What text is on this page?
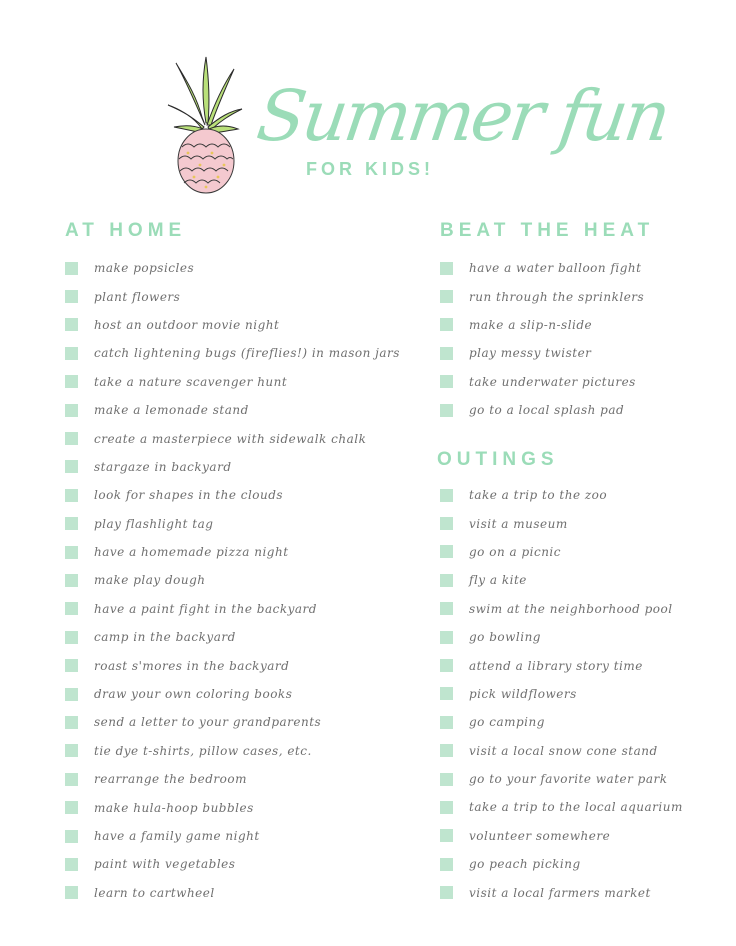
Summer fun
FOR KIDS!
AT HOME
make popsicles
plant flowers
host an outdoor movie night
catch lightening bugs (fireflies!) in mason jars
take a nature scavenger hunt
make a lemonade stand
create a masterpiece with sidewalk chalk
stargaze in backyard
look for shapes in the clouds
play flashlight tag
have a homemade pizza night
make play dough
have a paint fight in the backyard
camp in the backyard
roast s'mores in the backyard
draw your own coloring books
send a letter to your grandparents
tie dye t-shirts, pillow cases, etc.
rearrange the bedroom
make hula-hoop bubbles
have a family game night
paint with vegetables
learn to cartwheel
BEAT THE HEAT
have a water balloon fight
run through the sprinklers
make a slip-n-slide
play messy twister
take underwater pictures
go to a local splash pad
OUTINGS
take a trip to the zoo
visit a museum
go on a picnic
fly a kite
swim at the neighborhood pool
go bowling
attend a library story time
pick wildflowers
go camping
visit a local snow cone stand
go to your favorite water park
take a trip to the local aquarium
volunteer somewhere
go peach picking
visit a local farmers market
